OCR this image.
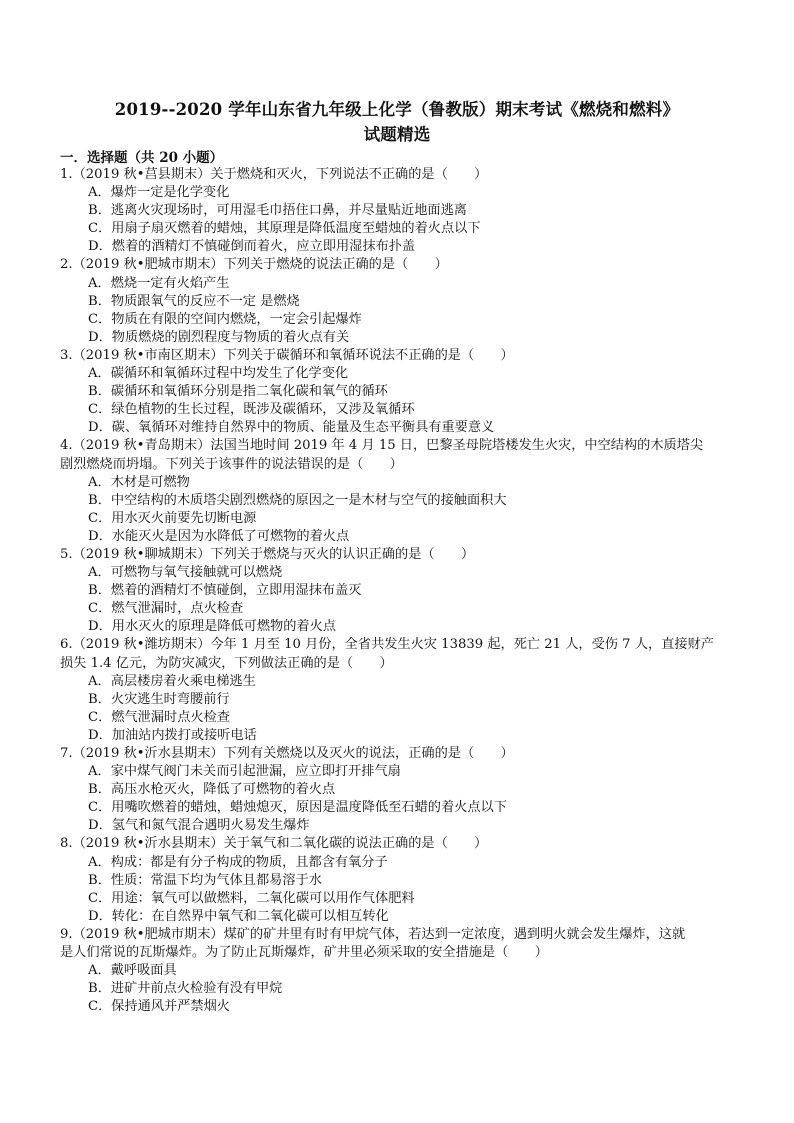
2019--2020 学年山东省九年级上化学（鲁教版）期末考试《燃烧和燃料》
试题精选
一．选择题（共 20 小题）
1.（2019 秋•莒县期末）关于燃烧和灭火，下列说法不正确的是（　　）
A．爆炸一定是化学变化
B．逃离火灾现场时，可用湿毛巾捂住口鼻，并尽量贴近地面逃离
C．用扇子扇灭燃着的蜡烛，其原理是降低温度至蜡烛的着火点以下
D．燃着的酒精灯不慎碰倒而着火，应立即用湿抹布扑盖
2.（2019 秋•肥城市期末）下列关于燃烧的说法正确的是（　　）
A．燃烧一定有火焰产生
B．物质跟氧气的反应不一定 是燃烧
C．物质在有限的空间内燃烧，一定会引起爆炸
D．物质燃烧的剧烈程度与物质的着火点有关
3.（2019 秋•市南区期末）下列关于碳循环和氧循环说法不正确的是（　　）
A．碳循环和氧循环过程中均发生了化学变化
B．碳循环和氧循环分别是指二氧化碳和氧气的循环
C．绿色植物的生长过程，既涉及碳循环，又涉及氧循环
D．碳、氧循环对维持自然界中的物质、能量及生态平衡具有重要意义
4.（2019 秋•青岛期末）法国当地时间 2019 年 4 月 15 日，巴黎圣母院塔楼发生火灾，中空结构的木质塔尖
剧烈燃烧而坍塌。下列关于该事件的说法错误的是（　　）
A．木材是可燃物
B．中空结构的木质塔尖剧烈燃烧的原因之一是木材与空气的接触面积大
C．用水灭火前要先切断电源
D．水能灭火是因为水降低了可燃物的着火点
5.（2019 秋•聊城期末）下列关于燃烧与灭火的认识正确的是（　　）
A．可燃物与氧气接触就可以燃烧
B．燃着的酒精灯不慎碰倒，立即用湿抹布盖灭
C．燃气泄漏时，点火检查
D．用水灭火的原理是降低可燃物的着火点
6.（2019 秋•潍坊期末）今年 1 月至 10 月份，全省共发生火灾 13839 起，死亡 21 人，受伤 7 人，直接财产
损失 1.4 亿元，为防灾减灾，下列做法正确的是（　　）
A．高层楼房着火乘电梯逃生
B．火灾逃生时弯腰前行
C．燃气泄漏时点火检查
D．加油站内拨打或接听电话
7.（2019 秋•沂水县期末）下列有关燃烧以及灭火的说法，正确的是（　　）
A．家中煤气阀门未关而引起泄漏，应立即打开排气扇
B．高压水枪灭火，降低了可燃物的着火点
C．用嘴吹燃着的蜡烛，蜡烛熄灭，原因是温度降低至石蜡的着火点以下
D．氢气和氮气混合遇明火易发生爆炸
8.（2019 秋•沂水县期末）关于氧气和二氧化碳的说法正确的是（　　）
A．构成：都是有分子构成的物质，且都含有氧分子
B．性质：常温下均为气体且都易溶于水
C．用途：氧气可以做燃料，二氧化碳可以用作气体肥料
D．转化：在自然界中氧气和二氧化碳可以相互转化
9.（2019 秋•肥城市期末）煤矿的矿井里有时有甲烷气体，若达到一定浓度，遇到明火就会发生爆炸，这就
是人们常说的瓦斯爆炸。为了防止瓦斯爆炸，矿井里必须采取的安全措施是（　　）
A．戴呼吸面具
B．进矿井前点火检验有没有甲烷
C．保持通风并严禁烟火
